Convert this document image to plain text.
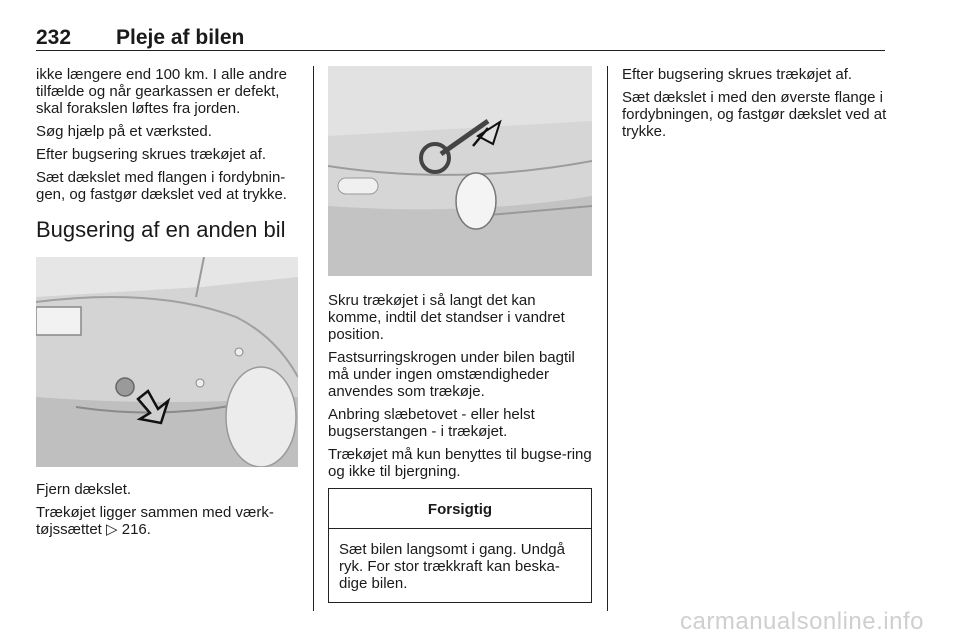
232 Pleje af bilen

ikke længere end 100 km. I alle andre tilfælde og når gearkassen er defekt, skal forakslen løftes fra jorden.

Søg hjælp på et værksted.

Efter bugsering skrues trækøjet af.

Sæt dækslet med flangen i fordybnin-gen, og fastgør dækslet ved at trykke.

Bugsering af en anden bil

Fjern dækslet.

Trækøjet ligger sammen med værk-tøjssættet ▷ 216.

Skru trækøjet i så langt det kan komme, indtil det standser i vandret position.

Fastsurringskrogen under bilen bagtil må under ingen omstændigheder anvendes som trækøje.

Anbring slæbetovet - eller helst bugserstangen - i trækøjet.

Trækøjet må kun benyttes til bugse-ring og ikke til bjergning.

Forsigtig
Sæt bilen langsomt i gang. Undgå ryk. For stor trækkraft kan beska-dige bilen.

Efter bugsering skrues trækøjet af.

Sæt dækslet i med den øverste flange i fordybningen, og fastgør dækslet ved at trykke.

carmanualsonline.info
